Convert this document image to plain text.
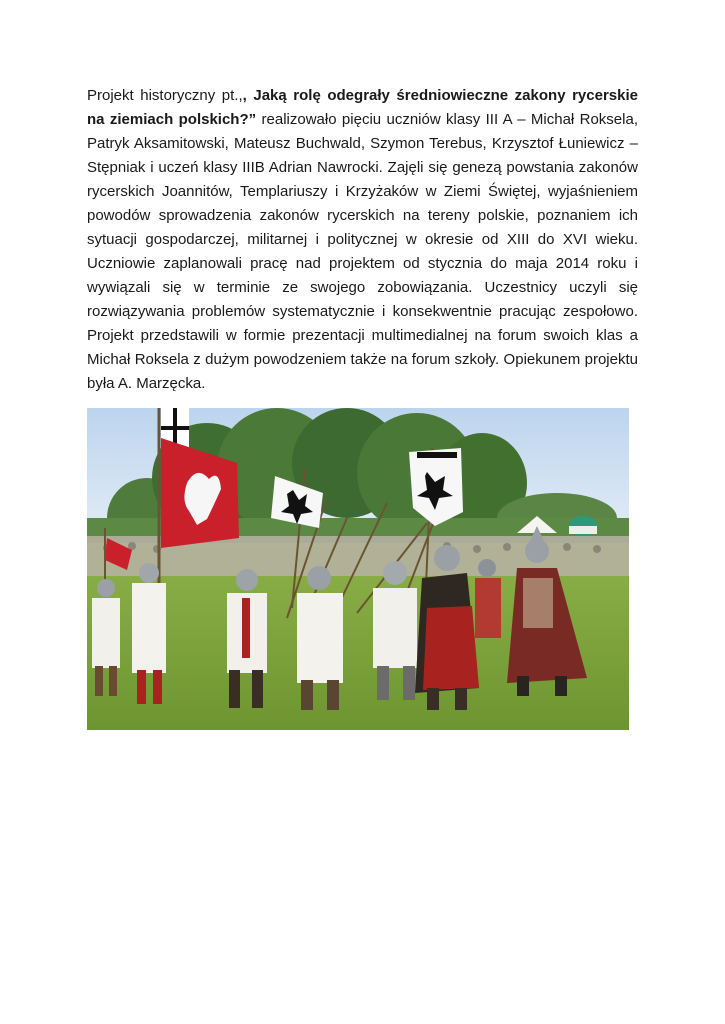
Projekt historyczny pt.,, Jaką rolę odegrały średniowieczne zakony rycerskie na ziemiach polskich?” realizowało pięciu uczniów klasy III A – Michał Roksela, Patryk Aksamitowski, Mateusz Buchwald, Szymon Terebus, Krzysztof Łuniewicz – Stępniak i uczeń klasy IIIB Adrian Nawrocki. Zajęli się genezą powstania zakonów rycerskich Joannitów, Templariuszy i Krzyżaków w Ziemi Świętej, wyjaśnieniem powodów sprowadzenia zakonów rycerskich na tereny polskie, poznaniem ich sytuacji gospodarczej, militarnej i politycznej w okresie od XIII do XVI wieku. Uczniowie zaplanowali pracę nad projektem od stycznia do maja 2014 roku i wywiązali się w terminie ze swojego zobowiązania. Uczestnicy uczyli się rozwiązywania problemów systematycznie i konsekwentnie pracując zespołowo. Projekt przedstawili w formie prezentacji multimedialnej na forum swoich klas a Michał Roksela z dużym powodzeniem także na forum szkoły. Opiekunem projektu była A. Marzęcka.
